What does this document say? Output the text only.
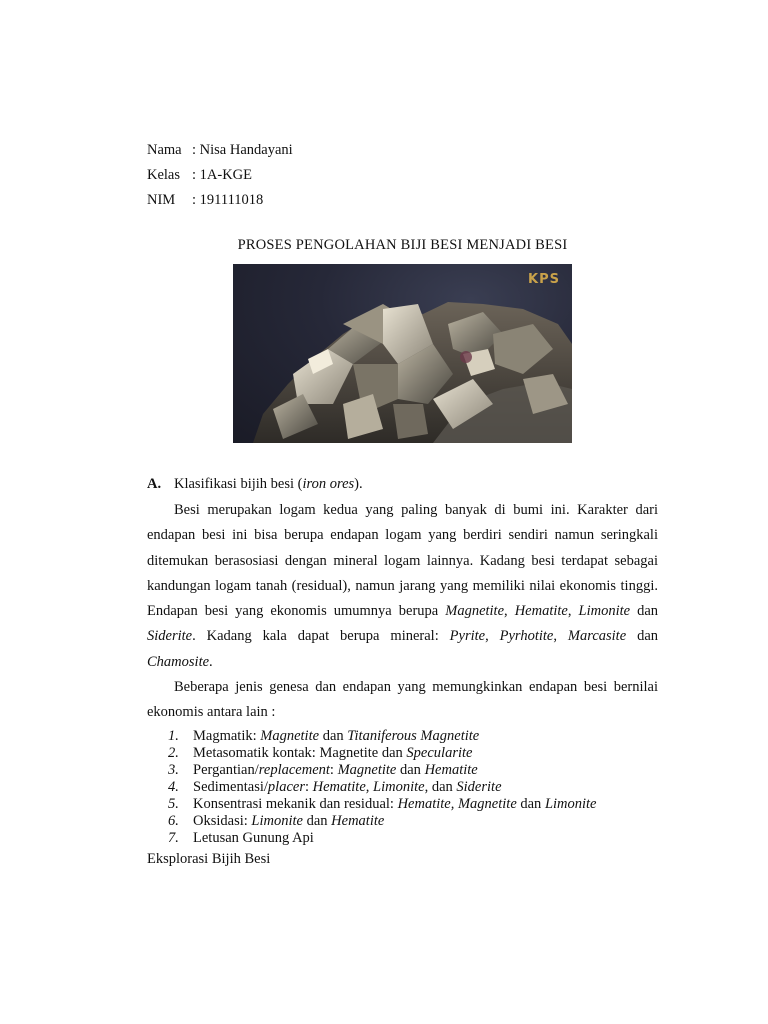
Nama : Nisa Handayani
Kelas : 1A-KGE
NIM	: 191111018
PROSES PENGOLAHAN BIJI BESI MENJADI BESI
KPS
A. Klasifikasi bijih besi (iron ores).
Besi merupakan logam kedua yang paling banyak di bumi ini. Karakter dari endapan besi ini bisa berupa endapan logam yang berdiri sendiri namun seringkali ditemukan berasosiasi dengan mineral logam lainnya. Kadang besi terdapat sebagai kandungan logam tanah (residual), namun jarang yang memiliki nilai ekonomis tinggi. Endapan besi yang ekonomis umumnya berupa Magnetite, Hematite, Limonite dan Siderite. Kadang kala dapat berupa mineral: Pyrite, Pyrhotite, Marcasite dan Chamosite.
Beberapa jenis genesa dan endapan yang memungkinkan endapan besi bernilai ekonomis antara lain :
1. Magmatik: Magnetite dan Titaniferous Magnetite
2. Metasomatik kontak: Magnetite dan Specularite
3. Pergantian/replacement: Magnetite dan Hematite
4. Sedimentasi/placer: Hematite, Limonite, dan Siderite
5. Konsentrasi mekanik dan residual: Hematite, Magnetite dan Limonite
6. Oksidasi: Limonite dan Hematite
7. Letusan Gunung Api
Eksplorasi Bijih Besi
